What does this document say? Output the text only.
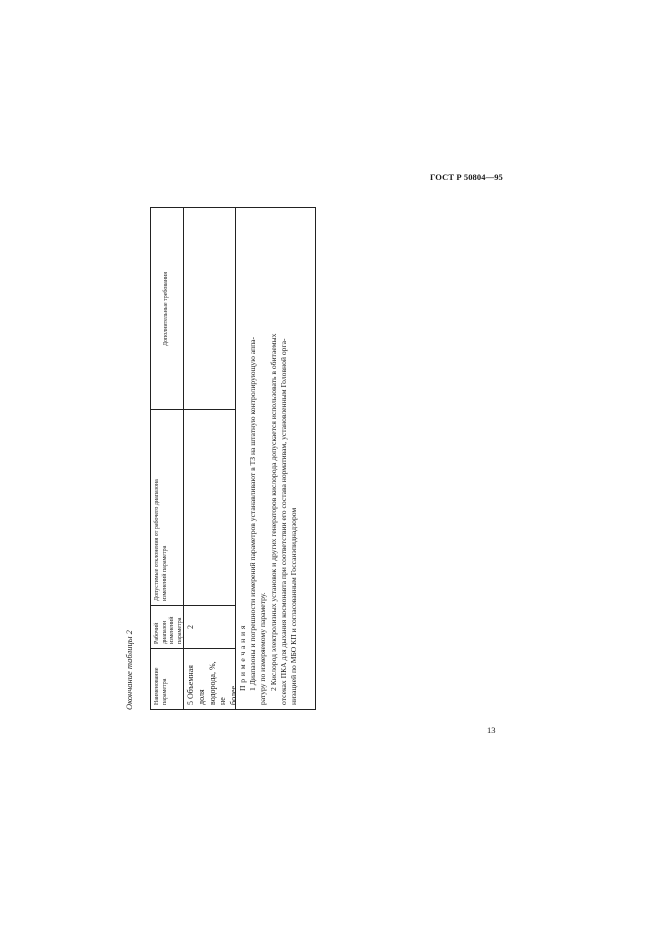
ГОСТ Р 50804—95
Окончание таблицы 2	Наименование параметра
Рабочий диапазон изменений параметра
Допустимые отклонения от рабочего диапазона изменений параметра
Дополнительные требования
5 Объемная доля водорода, %, не более
2	Примечания 1 Диапазоны и погрешности измерений параметров устанавливают в ТЗ на штатную контролирующую аппа- ратуру по измеряемому параметру. 2 Кислород электролизных установок и других генераторов кислорода допускается использовать в обитаемых отсеках ПКА для дыхания космонавта при соответствии его состава нормативам, установленным Головной орга- низацией по МБО КП и согласованным Госсанэпиднадзором
13
